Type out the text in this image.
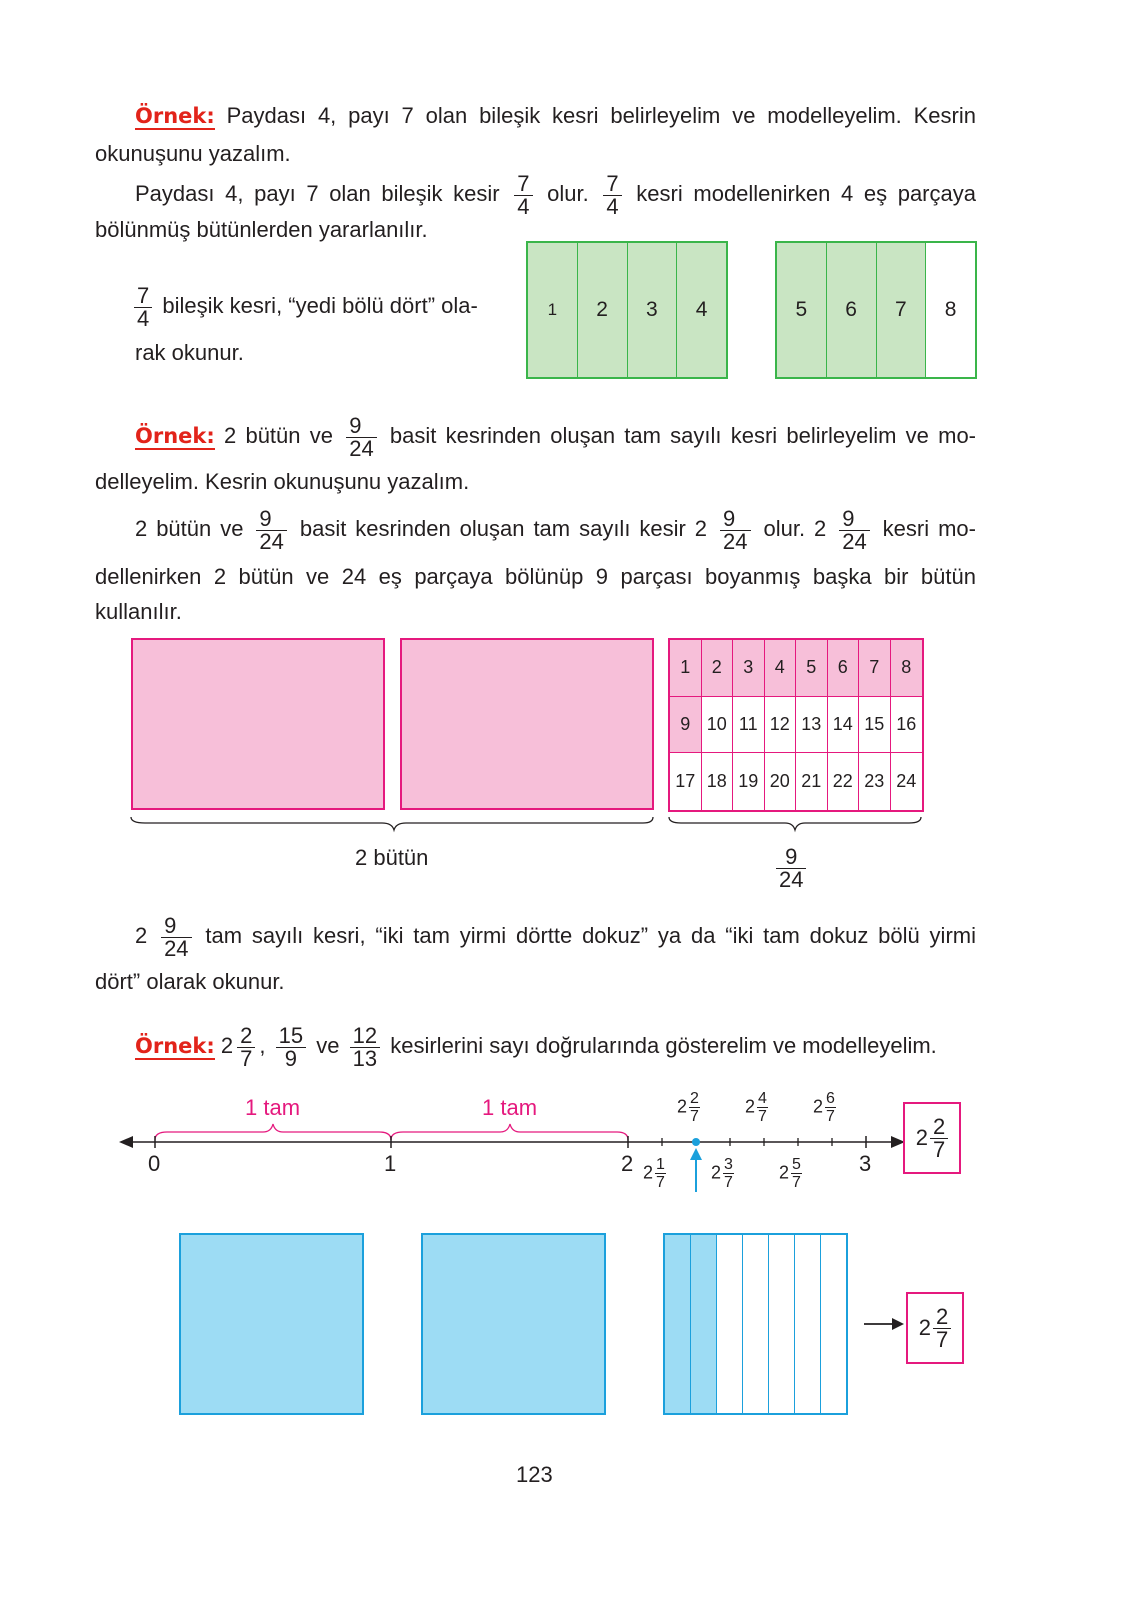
Örnek: Paydası 4, payı 7 olan bileşik kesri belirleyelim ve modelleyelim. Kesrin
okunuşunu yazalım.
Paydası 4, payı 7 olan bileşik kesir $\frac{7}{4}$ olur. $\frac{7}{4}$ kesri modellenirken 4 eş parçaya
bölünmüş bütünlerden yararlanılır.
$\frac{7}{4}$ bileşik kesri, “yedi bölü dört” ola-
rak okunur.
1	2	3	4	5	6	7	8
Örnek: 2 bütün ve $\frac{9}{24}$ basit kesrinden oluşan tam sayılı kesri belirleyelim ve mo-
delleyelim. Kesrin okunuşunu yazalım.
2 bütün ve $\frac{9}{24}$ basit kesrinden oluşan tam sayılı kesir $2 \frac{9}{24}$ olur. $2 \frac{9}{24}$ kesri mo-
dellenirken 2 bütün ve 24 eş parçaya bölünüp 9 parçası boyanmış başka bir bütün
kullanılır.
1	2	3	4	5	6	7	8
9 10 11 12 13 14 15 16
17 18 19 20 21 22 23 24
2 bütün	$\frac{9}{24}$
$2 \frac{9}{24}$ tam sayılı kesri, “iki tam yirmi dörtte dokuz” ya da “iki tam dokuz bölü yirmi
dört” olarak okunur.
Örnek: $2 \frac{2}{7}$ , $\frac{15}{9}$ ve $\frac{12}{13}$ kesirlerini sayı doğrularında gösterelim ve modelleyelim.
1 tam	1 tam
0	1	2	3
$2 \frac{2}{7}$	$2 \frac{4}{7}$	$2 \frac{6}{7}$
$2 \frac{1}{7}$	$2 \frac{3}{7}$	$2 \frac{5}{7}$
2 2
7
2 2
7
123
